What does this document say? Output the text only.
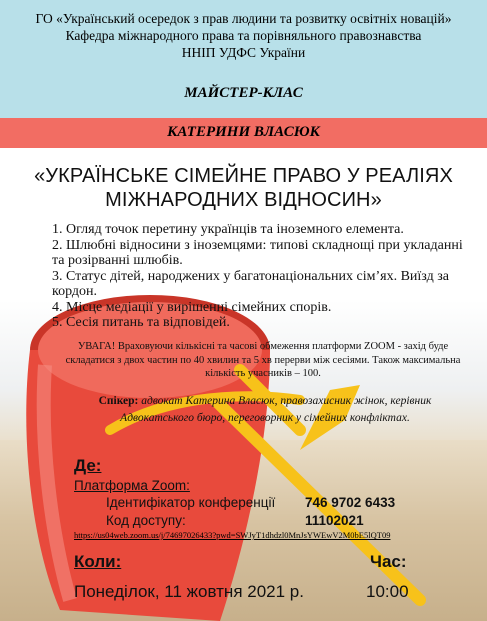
ГО «Український осередок з прав людини та розвитку освітніх новацій»
Кафедра міжнародного права та порівняльного правознавства
ННІП УДФС України
МАЙСТЕР-КЛАС
КАТЕРИНИ ВЛАСЮК
«УКРАЇНСЬКЕ СІМЕЙНЕ ПРАВО У РЕАЛІЯХ
МІЖНАРОДНИХ ВІДНОСИН»
1. Огляд точок перетину українців та іноземного елемента.
2. Шлюбні відносини з іноземцями: типові складнощі при укладанні та розірванні шлюбів.
3. Статус дітей, народжених у багатонаціональних сім’ях. Виїзд за кордон.
4. Місце медіації у вирішенні сімейних спорів.
5. Сесія питань та відповідей.
УВАГА! Враховуючи кількісні та часові обмеження платформи ZOOM - захід буде складатися з двох частин по 40 хвилин та 5 хв перерви між сесіями. Також максимальна кількість учасників – 100.
Спікер: адвокат Катерина Власюк, правозахисник жінок, керівник Адвокатського бюро, переговорник у сімейних конфліктах.
Де:
Платформа Zoom:
Ідентифікатор конференції 746 9702 6433
Код доступу:	11102021
https://us04web.zoom.us/j/74697026433?pwd=SWJyT1dhdzl0MnJsYWEwV2M0bE5lQT09
Коли:	Час:
Понеділок, 11 жовтня 2021 р.	10:00
